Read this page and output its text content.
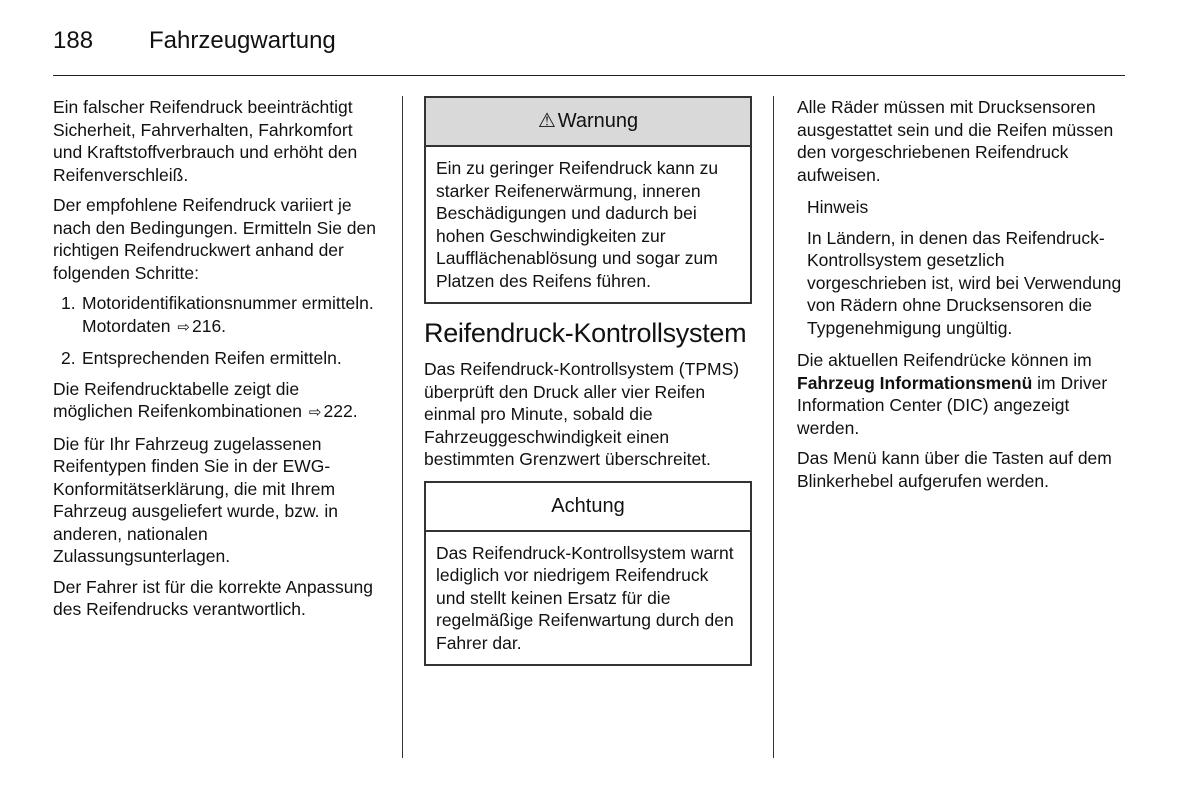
188 Fahrzeugwartung

Ein falscher Reifendruck beeinträchtigt Sicherheit, Fahrverhalten, Fahrkomfort und Kraftstoffverbrauch und erhöht den Reifenverschleiß.

Der empfohlene Reifendruck variiert je nach den Bedingungen. Ermitteln Sie den richtigen Reifendruckwert anhand der folgenden Schritte:

1. Motoridentifikationsnummer ermitteln. Motordaten ⇨ 216.
2. Entsprechenden Reifen ermitteln.

Die Reifendrucktabelle zeigt die möglichen Reifenkombinationen ⇨ 222.

Die für Ihr Fahrzeug zugelassenen Reifentypen finden Sie in der EWG-Konformitätserklärung, die mit Ihrem Fahrzeug ausgeliefert wurde, bzw. in anderen, nationalen Zulassungsunterlagen.

Der Fahrer ist für die korrekte Anpassung des Reifendrucks verantwortlich.

⚠ Warnung
Ein zu geringer Reifendruck kann zu starker Reifenerwärmung, inneren Beschädigungen und dadurch bei hohen Geschwindigkeiten zur Laufflächenablösung und sogar zum Platzen des Reifens führen.
Reifendruck-Kontrollsystem

Das Reifendruck-Kontrollsystem (TPMS) überprüft den Druck aller vier Reifen einmal pro Minute, sobald die Fahrzeuggeschwindigkeit einen bestimmten Grenzwert überschreitet.

Achtung
Das Reifendruck-Kontrollsystem warnt lediglich vor niedrigem Reifendruck und stellt keinen Ersatz für die regelmäßige Reifenwartung durch den Fahrer dar.

Alle Räder müssen mit Drucksensoren ausgestattet sein und die Reifen müssen den vorgeschriebenen Reifendruck aufweisen.

Hinweis

In Ländern, in denen das Reifendruck-Kontrollsystem gesetzlich vorgeschrieben ist, wird bei Verwendung von Rädern ohne Drucksensoren die Typgenehmigung ungültig.

Die aktuellen Reifendrücke können im Fahrzeug Informationsmenü im Driver Information Center (DIC) angezeigt werden.

Das Menü kann über die Tasten auf dem Blinkerhebel aufgerufen werden.
